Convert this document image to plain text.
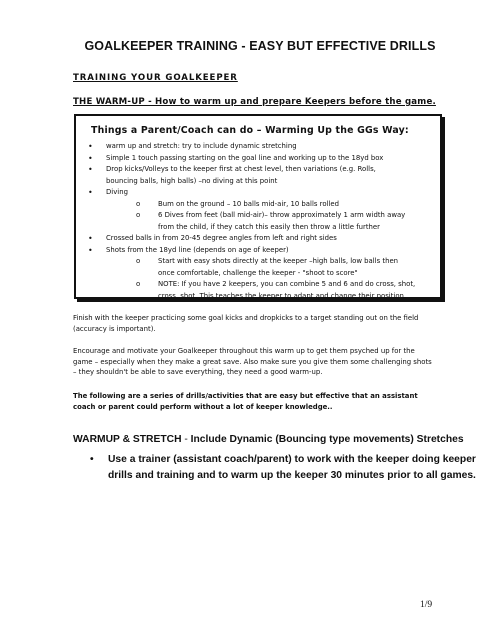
GOALKEEPER TRAINING - EASY BUT EFFECTIVE DRILLS
TRAINING YOUR GOALKEEPER
THE WARM-UP - How to warm up and prepare Keepers before the game.
Things a Parent/Coach can do – Warming Up the GGs Way:
• warm up and stretch: try to include dynamic stretching
• Simple 1 touch passing starting on the goal line and working up to the 18yd box
• Drop kicks/Volleys to the keeper first at chest level, then variations (e.g. Rolls,
bouncing balls, high balls) –no diving at this point
• Diving
o	Bum on the ground – 10 balls mid-air, 10 balls rolled
o	6 Dives from feet (ball mid-air)– throw approximately 1 arm width away
from the child, if they catch this easily then throw a little further
• Crossed balls in from 20-45 degree angles from left and right sides
• Shots from the 18yd line (depends on age of keeper)
o	Start with easy shots directly at the keeper –high balls, low balls then
once comfortable, challenge the keeper - "shoot to score"
o	NOTE: If you have 2 keepers, you can combine 5 and 6 and do cross, shot,
cross, shot. This teaches the keeper to adapt and change their position.
Finish with the keeper practicing some goal kicks and dropkicks to a target standing out on the field
(accuracy is important).
Encourage and motivate your Goalkeeper throughout this warm up to get them psyched up for the
game – especially when they make a great save. Also make sure you give them some challenging shots
– they shouldn't be able to save everything, they need a good warm-up.
The following are a series of drills/activities that are easy but effective that an assistant
coach or parent could perform without a lot of keeper knowledge..
WARMUP & STRETCH - Include Dynamic (Bouncing type movements) Stretches
• Use a trainer (assistant coach/parent) to work with the keeper doing keeper
drills and training and to warm up the keeper 30 minutes prior to all games.
1/9
